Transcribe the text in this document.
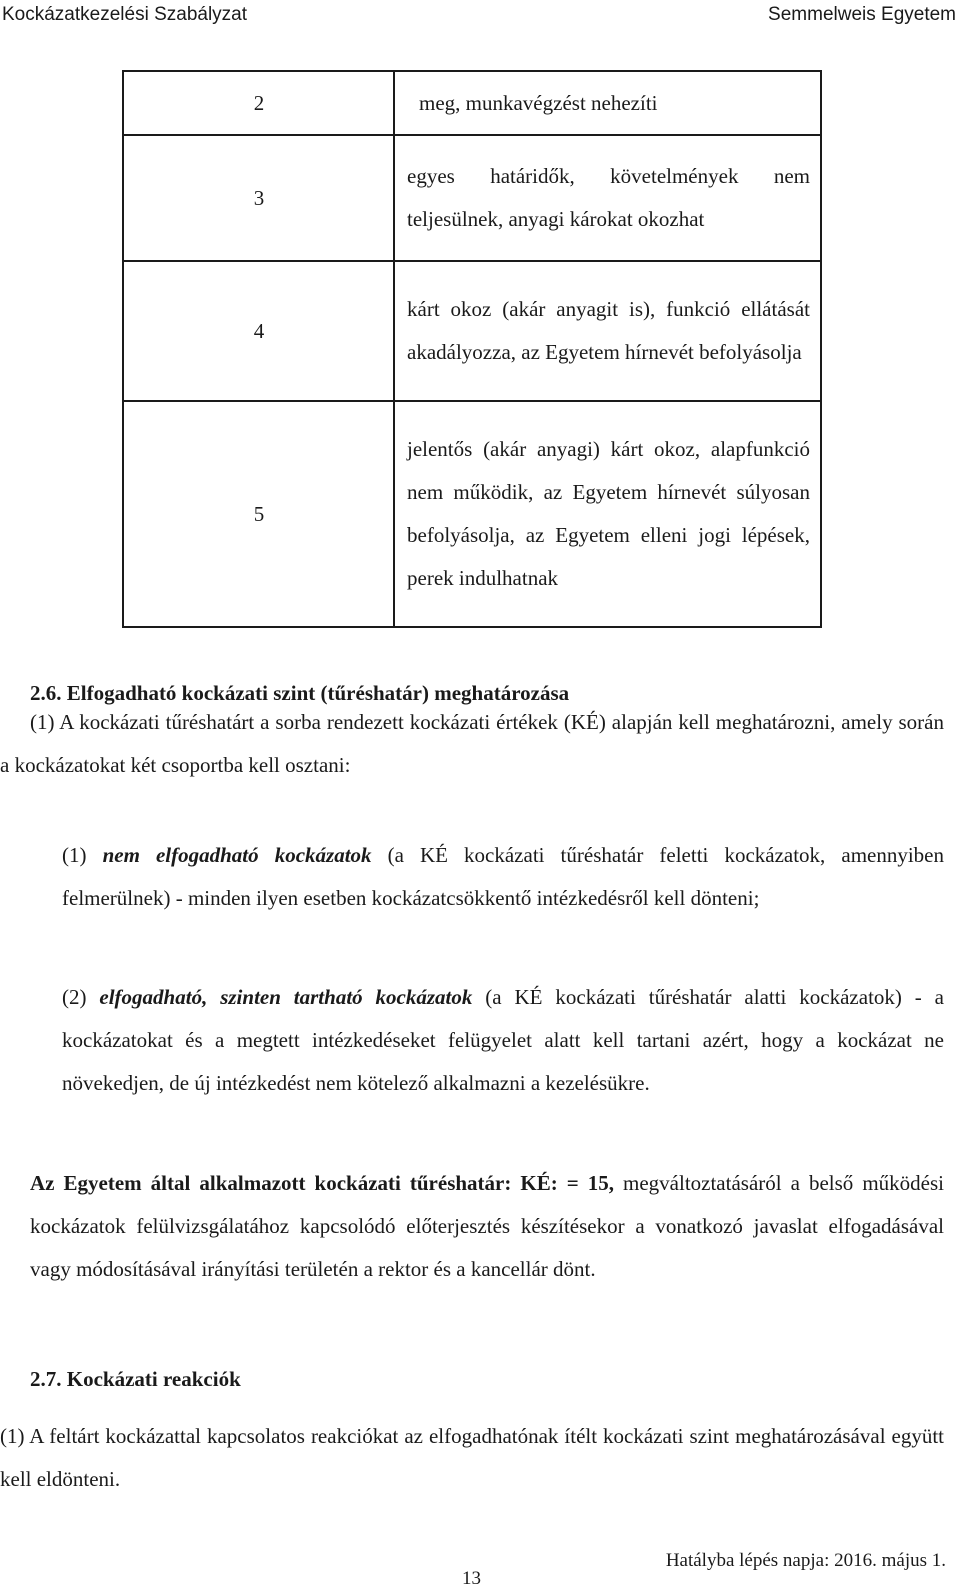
Kockázatkezelési Szabályzat	Semmelweis Egyetem
2	meg, munkavégzést nehezíti
3	egyes határidők, követelmények nem teljesülnek, anyagi károkat okozhat
4	kárt okoz (akár anyagit is), funkció ellátását akadályozza, az Egyetem hírnevét befolyásolja
5	jelentős (akár anyagi) kárt okoz, alapfunkció nem működik, az Egyetem hírnevét súlyosan befolyásolja, az Egyetem elleni jogi lépések, perek indulhatnak
2.6. Elfogadható kockázati szint (tűréshatár) meghatározása
(1) A kockázati tűréshatárt a sorba rendezett kockázati értékek (KÉ) alapján kell meghatározni, amely során a kockázatokat két csoportba kell osztani:
(1) nem elfogadható kockázatok (a KÉ kockázati tűréshatár feletti kockázatok, amennyiben felmerülnek) - minden ilyen esetben kockázatcsökkentő intézkedésről kell dönteni;
(2) elfogadható, szinten tartható kockázatok (a KÉ kockázati tűréshatár alatti kockázatok) - a kockázatokat és a megtett intézkedéseket felügyelet alatt kell tartani azért, hogy a kockázat ne növekedjen, de új intézkedést nem kötelező alkalmazni a kezelésükre.
Az Egyetem által alkalmazott kockázati tűréshatár: KÉ: = 15, megváltoztatásáról a belső működési kockázatok felülvizsgálatához kapcsolódó előterjesztés készítésekor a vonatkozó javaslat elfogadásával vagy módosításával irányítási területén a rektor és a kancellár dönt.
2.7. Kockázati reakciók
(1) A feltárt kockázattal kapcsolatos reakciókat az elfogadhatónak ítélt kockázati szint meghatározásával együtt kell eldönteni.
Hatályba lépés napja: 2016. május 1.
13
